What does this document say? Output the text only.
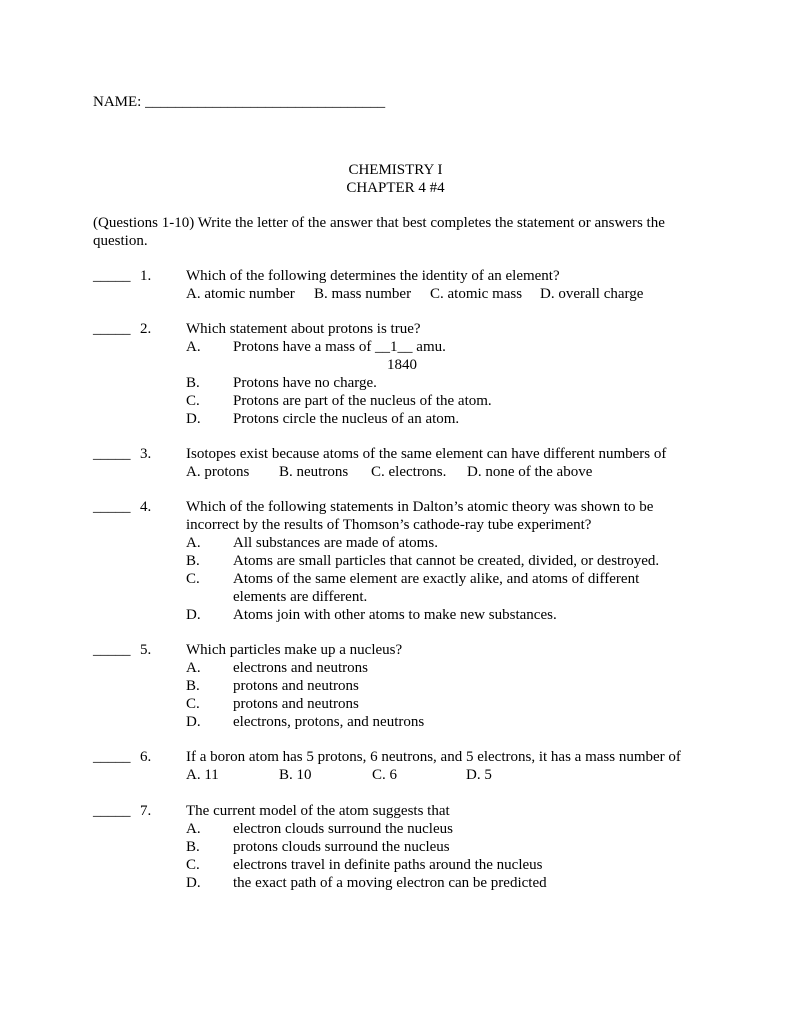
NAME: ________________________________
CHEMISTRY I
CHAPTER 4 #4
(Questions 1-10) Write the letter of the answer that best completes the statement or answers the
question.
_____ 1. Which of the following determines the identity of an element?
A. atomic number B. mass number C. atomic mass D. overall charge
_____ 2. Which statement about protons is true?
A. Protons have a mass of __1__ amu.
1840
B. Protons have no charge.
C. Protons are part of the nucleus of the atom.
D. Protons circle the nucleus of an atom.
_____ 3. Isotopes exist because atoms of the same element can have different numbers of
A. protons B. neutrons C. electrons. D. none of the above
_____ 4. Which of the following statements in Dalton’s atomic theory was shown to be
incorrect by the results of Thomson’s cathode-ray tube experiment?
A. All substances are made of atoms.
B. Atoms are small particles that cannot be created, divided, or destroyed.
C. Atoms of the same element are exactly alike, and atoms of different
elements are different.
D. Atoms join with other atoms to make new substances.
_____ 5. Which particles make up a nucleus?
A. electrons and neutrons
B. protons and neutrons
C. protons and neutrons
D. electrons, protons, and neutrons
_____ 6. If a boron atom has 5 protons, 6 neutrons, and 5 electrons, it has a mass number of
A. 11	B. 10	C. 6	D. 5
_____ 7. The current model of the atom suggests that
A. electron clouds surround the nucleus
B. protons clouds surround the nucleus
C. electrons travel in definite paths around the nucleus
D. the exact path of a moving electron can be predicted
